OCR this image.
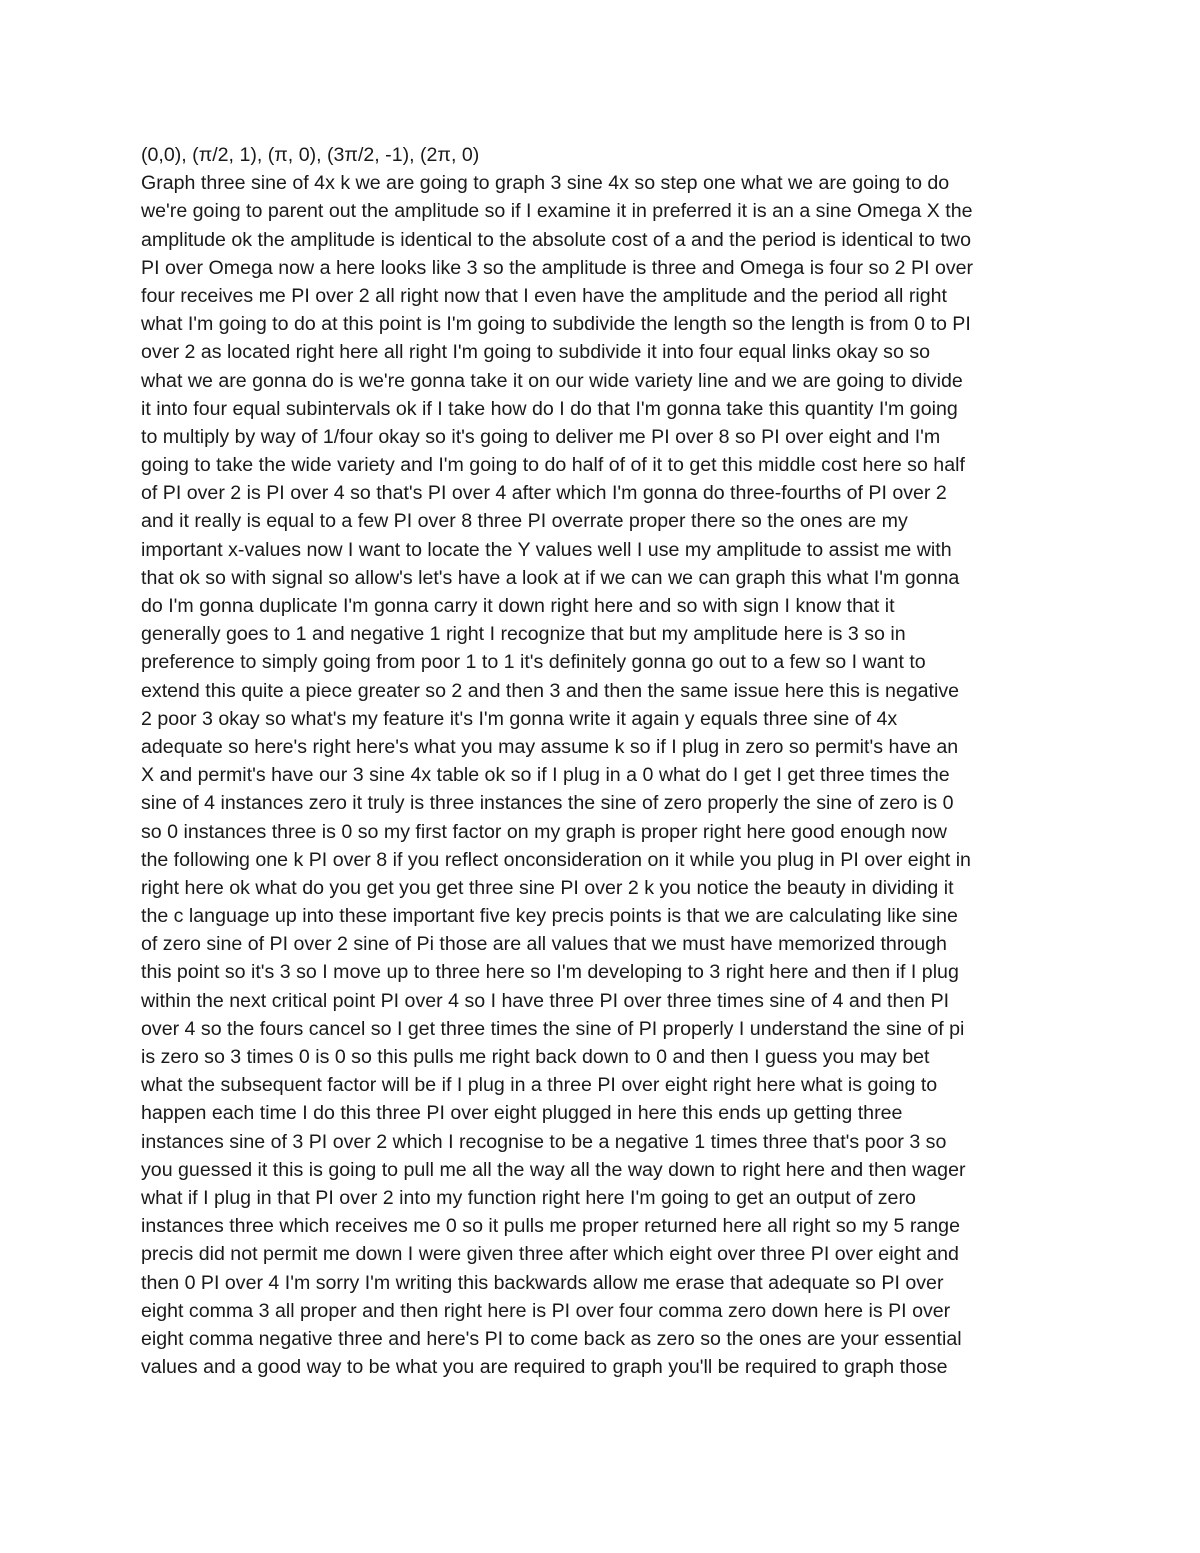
(0,0), (π/2, 1), (π, 0), (3π/2, -1), (2π, 0)
Graph three sine of 4x k we are going to graph 3 sine 4x so step one what we are going to do
we're going to parent out the amplitude so if I examine it in preferred it is an a sine Omega X the
amplitude ok the amplitude is identical to the absolute cost of a and the period is identical to two
PI over Omega now a here looks like 3 so the amplitude is three and Omega is four so 2 PI over
four receives me PI over 2 all right now that I even have the amplitude and the period all right
what I'm going to do at this point is I'm going to subdivide the length so the length is from 0 to PI
over 2 as located right here all right I'm going to subdivide it into four equal links okay so so
what we are gonna do is we're gonna take it on our wide variety line and we are going to divide
it into four equal subintervals ok if I take how do I do that I'm gonna take this quantity I'm going
to multiply by way of 1/four okay so it's going to deliver me PI over 8 so PI over eight and I'm
going to take the wide variety and I'm going to do half of of it to get this middle cost here so half
of PI over 2 is PI over 4 so that's PI over 4 after which I'm gonna do three-fourths of PI over 2
and it really is equal to a few PI over 8 three PI overrate proper there so the ones are my
important x-values now I want to locate the Y values well I use my amplitude to assist me with
that ok so with signal so allow's let's have a look at if we can we can graph this what I'm gonna
do I'm gonna duplicate I'm gonna carry it down right here and so with sign I know that it
generally goes to 1 and negative 1 right I recognize that but my amplitude here is 3 so in
preference to simply going from poor 1 to 1 it's definitely gonna go out to a few so I want to
extend this quite a piece greater so 2 and then 3 and then the same issue here this is negative
2 poor 3 okay so what's my feature it's I'm gonna write it again y equals three sine of 4x
adequate so here's right here's what you may assume k so if I plug in zero so permit's have an
X and permit's have our 3 sine 4x table ok so if I plug in a 0 what do I get I get three times the
sine of 4 instances zero it truly is three instances the sine of zero properly the sine of zero is 0
so 0 instances three is 0 so my first factor on my graph is proper right here good enough now
the following one k PI over 8 if you reflect onconsideration on it while you plug in PI over eight in
right here ok what do you get you get three sine PI over 2 k you notice the beauty in dividing it
the c language up into these important five key precis points is that we are calculating like sine
of zero sine of PI over 2 sine of Pi those are all values that we must have memorized through
this point so it's 3 so I move up to three here so I'm developing to 3 right here and then if I plug
within the next critical point PI over 4 so I have three PI over three times sine of 4 and then PI
over 4 so the fours cancel so I get three times the sine of PI properly I understand the sine of pi
is zero so 3 times 0 is 0 so this pulls me right back down to 0 and then I guess you may bet
what the subsequent factor will be if I plug in a three PI over eight right here what is going to
happen each time I do this three PI over eight plugged in here this ends up getting three
instances sine of 3 PI over 2 which I recognise to be a negative 1 times three that's poor 3 so
you guessed it this is going to pull me all the way all the way down to right here and then wager
what if I plug in that PI over 2 into my function right here I'm going to get an output of zero
instances three which receives me 0 so it pulls me proper returned here all right so my 5 range
precis did not permit me down I were given three after which eight over three PI over eight and
then 0 PI over 4 I'm sorry I'm writing this backwards allow me erase that adequate so PI over
eight comma 3 all proper and then right here is PI over four comma zero down here is PI over
eight comma negative three and here's PI to come back as zero so the ones are your essential
values and a good way to be what you are required to graph you'll be required to graph those
